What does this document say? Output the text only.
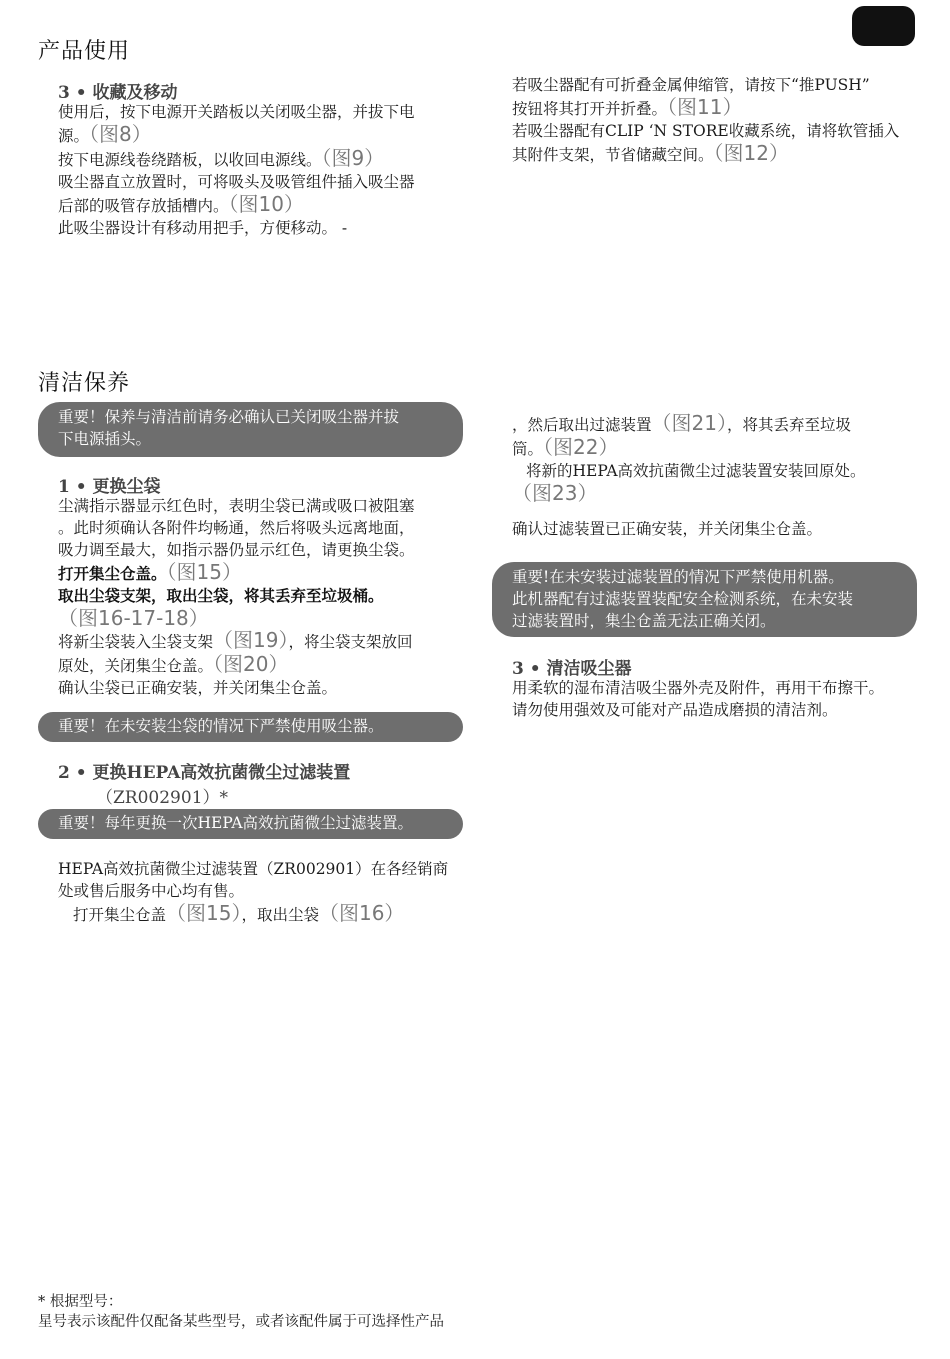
产品使用
3 • 收藏及移动
使用后，按下电源开关踏板以关闭吸尘器，并拔下电
源。（图8）
按下电源线卷绕踏板，以收回电源线。（图9）
吸尘器直立放置时，可将吸头及吸管组件插入吸尘器
后部的吸管存放插槽内。（图10）
此吸尘器设计有移动用把手，方便移动。 -
若吸尘器配有可折叠金属伸缩管，请按下“推PUSH”
按钮将其打开并折叠。（图11）
若吸尘器配有CLIP ‘N STORE收藏系统，请将软管插入
其附件支架，节省储藏空间。（图12）
清洁保养
重要！保养与清洁前请务必确认已关闭吸尘器并拔
下电源插头。
1 • 更换尘袋
尘满指示器显示红色时，表明尘袋已满或吸口被阻塞
。此时须确认各附件均畅通，然后将吸头远离地面，
吸力调至最大，如指示器仍显示红色，请更换尘袋。
打开集尘仓盖。（图15）
取出尘袋支架，取出尘袋，将其丢弃至垃圾桶。
（图16-17-18）
将新尘袋装入尘袋支架（图19），将尘袋支架放回
原处，关闭集尘仓盖。（图20）
确认尘袋已正确安装，并关闭集尘仓盖。
重要！在未安装尘袋的情况下严禁使用吸尘器。
2 • 更换HEPA高效抗菌微尘过滤装置
（ZR002901）*
重要！每年更换一次HEPA高效抗菌微尘过滤装置。
HEPA高效抗菌微尘过滤装置（ZR002901）在各经销商
处或售后服务中心均有售。
打开集尘仓盖（图15），取出尘袋（图16）
，然后取出过滤装置（图21），将其丢弃至垃圾
筒。（图22）
将新的HEPA高效抗菌微尘过滤装置安装回原处。
（图23）
确认过滤装置已正确安装，并关闭集尘仓盖。
重要!在未安装过滤装置的情况下严禁使用机器。
此机器配有过滤装置装配安全检测系统，在未安装
过滤装置时，集尘仓盖无法正确关闭。
3 • 清洁吸尘器
用柔软的湿布清洁吸尘器外壳及附件，再用干布擦干。
请勿使用强效及可能对产品造成磨损的清洁剂。
* 根据型号：
星号表示该配件仅配备某些型号，或者该配件属于可选择性产品
